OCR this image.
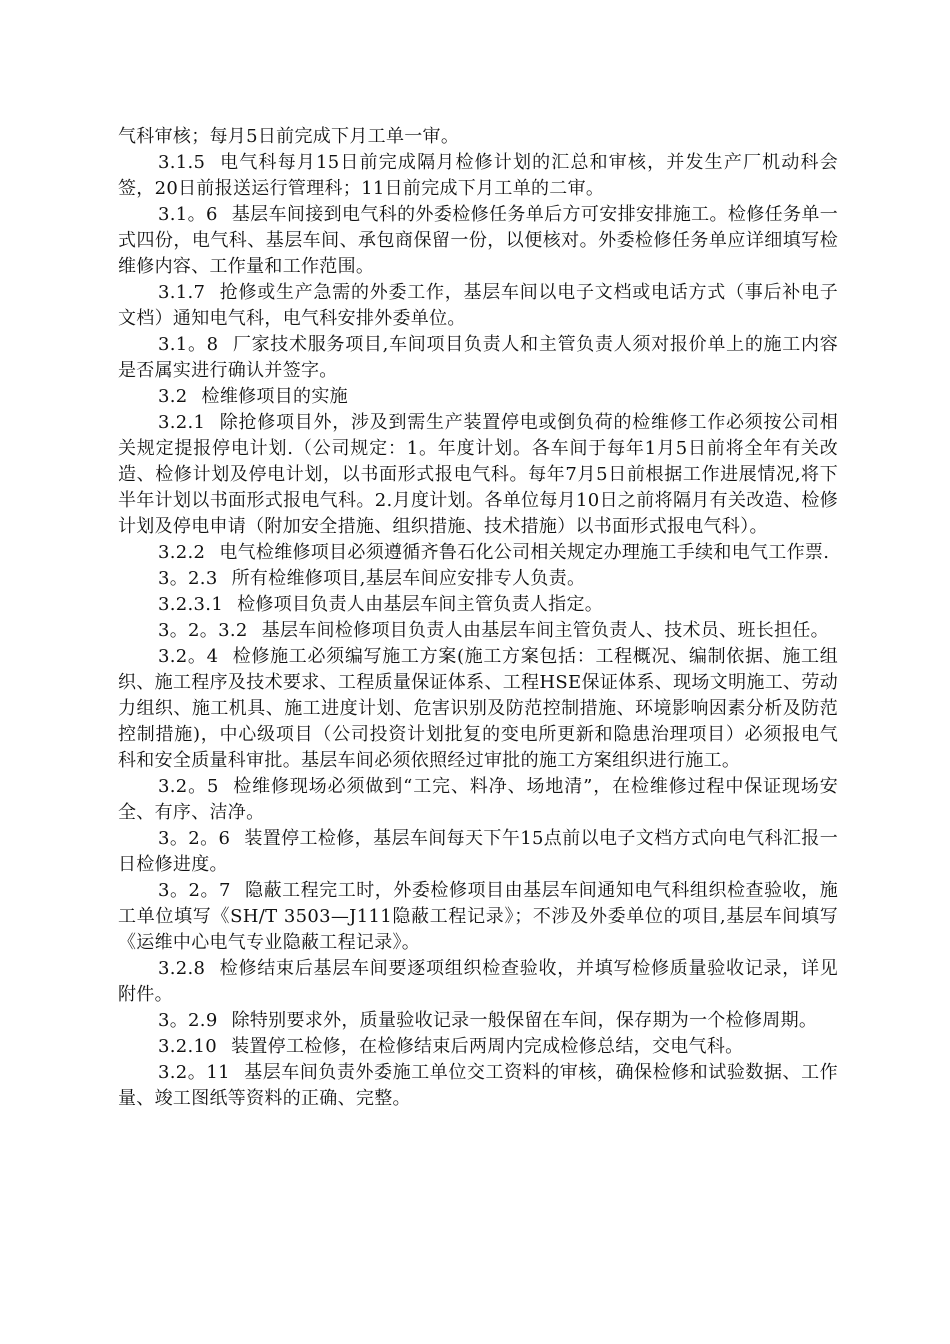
气科审核；每月5日前完成下月工单一审。

3.1.5 电气科每月15日前完成隔月检修计划的汇总和审核，并发生产厂机动科会签，20日前报送运行管理科；11日前完成下月工单的二审。

3.1。6 基层车间接到电气科的外委检修任务单后方可安排安排施工。检修任务单一式四份，电气科、基层车间、承包商保留一份，以便核对。外委检修任务单应详细填写检维修内容、工作量和工作范围。

3.1.7 抢修或生产急需的外委工作，基层车间以电子文档或电话方式（事后补电子文档）通知电气科，电气科安排外委单位。

3.1。8 厂家技术服务项目,车间项目负责人和主管负责人须对报价单上的施工内容是否属实进行确认并签字。

3.2 检维修项目的实施

3.2.1 除抢修项目外，涉及到需生产装置停电或倒负荷的检维修工作必须按公司相关规定提报停电计划.（公司规定：1。年度计划。各车间于每年1月5日前将全年有关改造、检修计划及停电计划，以书面形式报电气科。每年7月5日前根据工作进展情况,将下半年计划以书面形式报电气科。2.月度计划。各单位每月10日之前将隔月有关改造、检修计划及停电申请（附加安全措施、组织措施、技术措施）以书面形式报电气科）。

3.2.2 电气检维修项目必须遵循齐鲁石化公司相关规定办理施工手续和电气工作票.

3。2.3 所有检维修项目,基层车间应安排专人负责。

3.2.3.1 检修项目负责人由基层车间主管负责人指定。

3。2。3.2 基层车间检修项目负责人由基层车间主管负责人、技术员、班长担任。

3.2。4 检修施工必须编写施工方案(施工方案包括：工程概况、编制依据、施工组织、施工程序及技术要求、工程质量保证体系、工程HSE保证体系、现场文明施工、劳动力组织、施工机具、施工进度计划、危害识别及防范控制措施、环境影响因素分析及防范控制措施)，中心级项目（公司投资计划批复的变电所更新和隐患治理项目）必须报电气科和安全质量科审批。基层车间必须依照经过审批的施工方案组织进行施工。

3.2。5 检维修现场必须做到“工完、料净、场地清”，在检维修过程中保证现场安全、有序、洁净。

3。2。6 装置停工检修，基层车间每天下午15点前以电子文档方式向电气科汇报一日检修进度。

3。2。7 隐蔽工程完工时，外委检修项目由基层车间通知电气科组织检查验收，施工单位填写《SH/T 3503—J111隐蔽工程记录》；不涉及外委单位的项目,基层车间填写《运维中心电气专业隐蔽工程记录》。

3.2.8 检修结束后基层车间要逐项组织检查验收，并填写检修质量验收记录，详见附件。

3。2.9 除特别要求外，质量验收记录一般保留在车间，保存期为一个检修周期。

3.2.10 装置停工检修，在检修结束后两周内完成检修总结，交电气科。

3.2。11 基层车间负责外委施工单位交工资料的审核，确保检修和试验数据、工作量、竣工图纸等资料的正确、完整。
